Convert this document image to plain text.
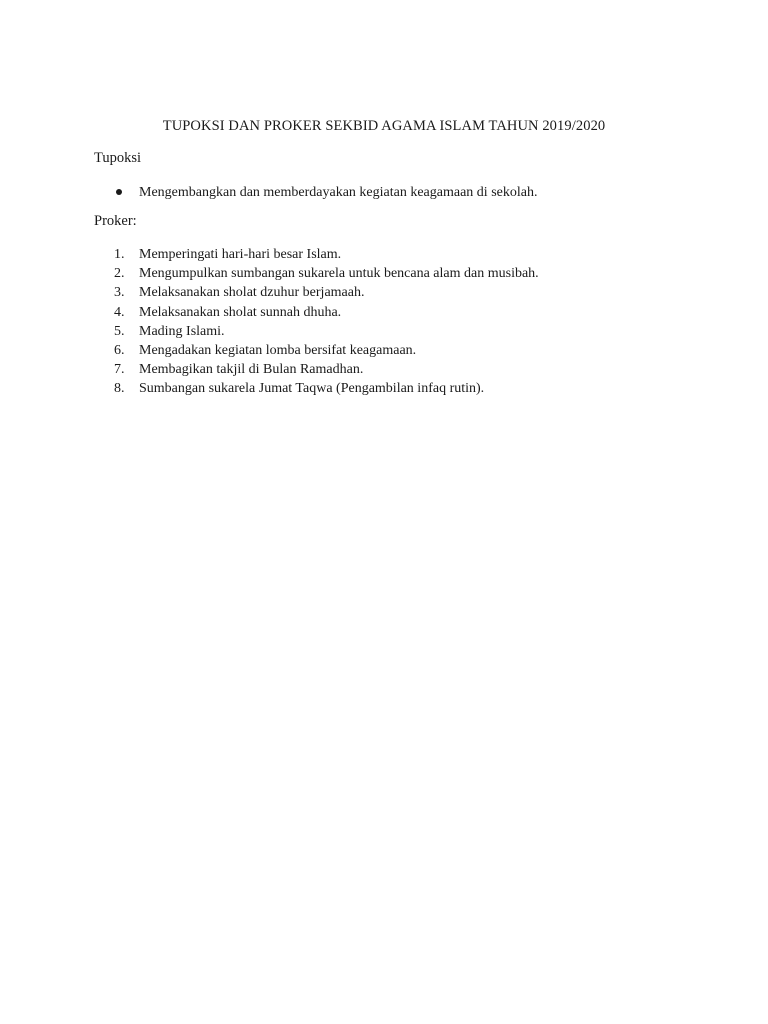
TUPOKSI DAN PROKER SEKBID AGAMA ISLAM TAHUN 2019/2020
Tupoksi
Mengembangkan dan memberdayakan kegiatan keagamaan di sekolah.
Proker:
1. Memperingati hari-hari besar Islam.
2. Mengumpulkan sumbangan sukarela untuk bencana alam dan musibah.
3. Melaksanakan sholat dzuhur berjamaah.
4. Melaksanakan sholat sunnah dhuha.
5. Mading Islami.
6. Mengadakan kegiatan lomba bersifat keagamaan.
7. Membagikan takjil di Bulan Ramadhan.
8. Sumbangan sukarela Jumat Taqwa (Pengambilan infaq rutin).
